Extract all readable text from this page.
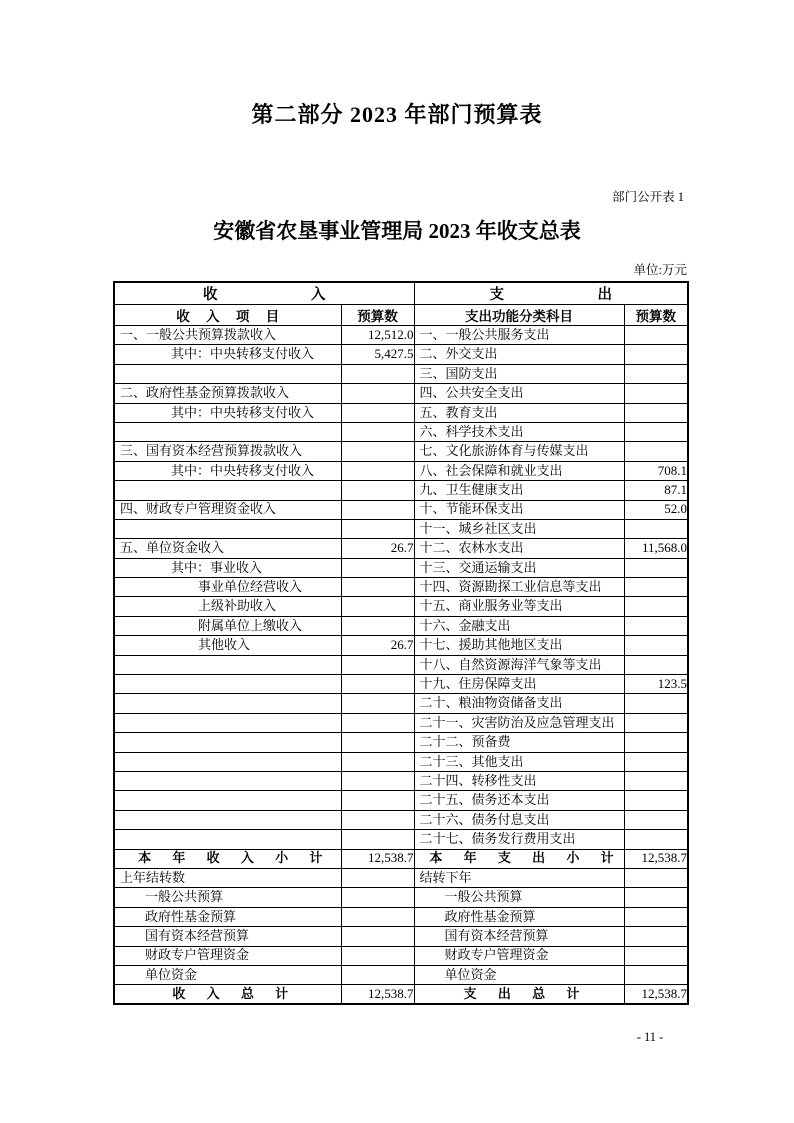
第二部分 2023 年部门预算表
部门公开表 1
安徽省农垦事业管理局 2023 年收支总表
单位:万元
收 入		支 出	
收 入 项 目	预算数	支出功能分类科目	预算数
一、一般公共预算拨款收入	12,512.0	一、一般公共服务支出	
其中：中央转移支付收入	5,427.5	二、外交支出	
		三、国防支出	
二、政府性基金预算拨款收入		四、公共安全支出	
其中：中央转移支付收入		五、教育支出	
		六、科学技术支出	
三、国有资本经营预算拨款收入		七、文化旅游体育与传媒支出	
其中：中央转移支付收入		八、社会保障和就业支出	708.1
		九、卫生健康支出	87.1
四、财政专户管理资金收入		十、节能环保支出	52.0
		十一、城乡社区支出	
五、单位资金收入	26.7	十二、农林水支出	11,568.0
其中：事业收入		十三、交通运输支出	
事业单位经营收入		十四、资源勘探工业信息等支出	
上级补助收入		十五、商业服务业等支出	
附属单位上缴收入		十六、金融支出	
其他收入	26.7	十七、援助其他地区支出	
		十八、自然资源海洋气象等支出	
		十九、住房保障支出	123.5
		二十、粮油物资储备支出	
		二十一、灾害防治及应急管理支出	
		二十二、预备费	
		二十三、其他支出	
		二十四、转移性支出	
		二十五、债务还本支出	
		二十六、债务付息支出	
		二十七、债务发行费用支出	
本 年 收 入 小 计	12,538.7	本 年 支 出 小 计	12,538.7
上年结转数		结转下年	
一般公共预算		一般公共预算	
政府性基金预算		政府性基金预算	
国有资本经营预算		国有资本经营预算	
财政专户管理资金		财政专户管理资金	
单位资金		单位资金	
收 入 总 计	12,538.7	支 出 总 计	12,538.7
- 11 -
